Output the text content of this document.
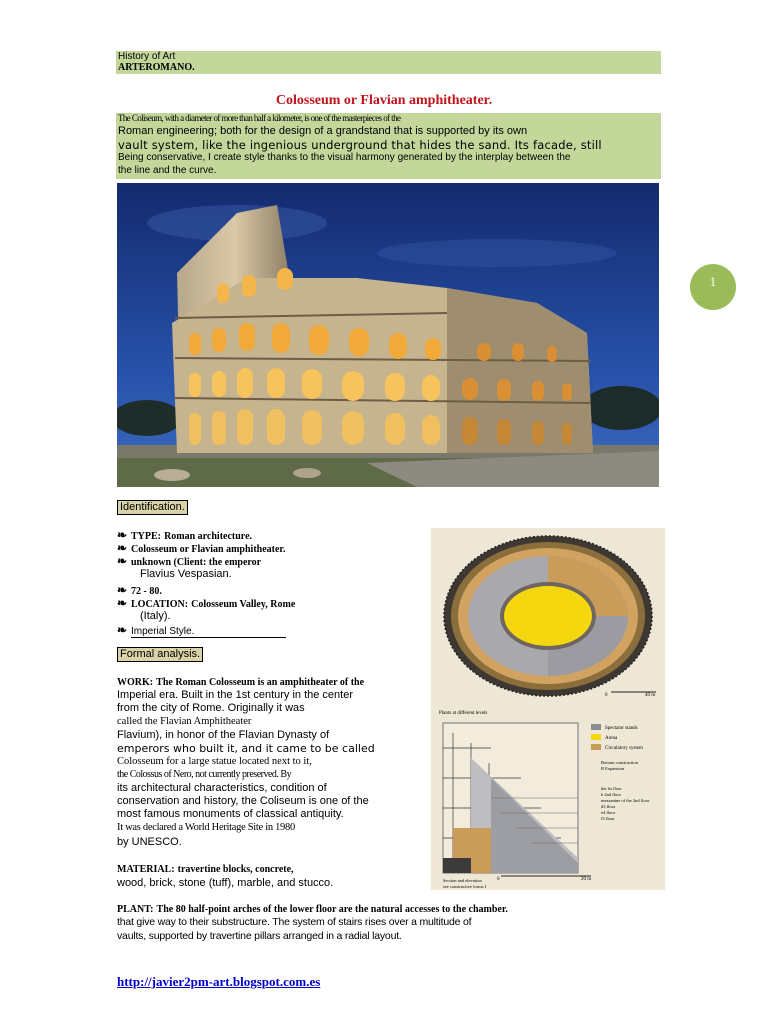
History of Art
ARTEROMANO.
Colosseum or Flavian amphitheater.
The Coliseum, with a diameter of more than half a kilometer, is one of the masterpieces of the
Roman engineering; both for the design of a grandstand that is supported by its own
vault system, like the ingenious underground that hides the sand. Its facade, still
Being conservative, I create style thanks to the visual harmony generated by the interplay between the
the line and the curve.
1
Identification.
❧ TYPE: Roman architecture.
❧ Colosseum or Flavian amphitheater.
❧ unknown (Client: the emperor
Flavius Vespasian.
❧ 72 - 80.
❧ LOCATION: Colosseum Valley, Rome
(Italy).
❧ Imperial Style.
0	40 m
Plants at different levels
Spectator stands
Arena
Circulatory system
Bottom construction
B Expansion
the lst floor
b 2nd floor
mezzanine of the 2nd floor
d3 floor
e4 floor
f5 floor
0	20 m
Section and elevation
see constructive forms I
Formal analysis.
WORK: The Roman Colosseum is an amphitheater of the
Imperial era. Built in the 1st century in the center
from the city of Rome. Originally it was
called the Flavian Amphitheater
Flavium), in honor of the Flavian Dynasty of
emperors who built it, and it came to be called
Colosseum for a large statue located next to it,
the Colossus of Nero, not currently preserved. By
its architectural characteristics, condition of
conservation and history, the Coliseum is one of the
most famous monuments of classical antiquity.
It was declared a World Heritage Site in 1980
by UNESCO.
MATERIAL: travertine blocks, concrete,
wood, brick, stone (tuff), marble, and stucco.
PLANT: The 80 half-point arches of the lower floor are the natural accesses to the chamber.
that give way to their substructure. The system of stairs rises over a multitude of
vaults, supported by travertine pillars arranged in a radial layout.
http://javier2pm-art.blogspot.com.es
